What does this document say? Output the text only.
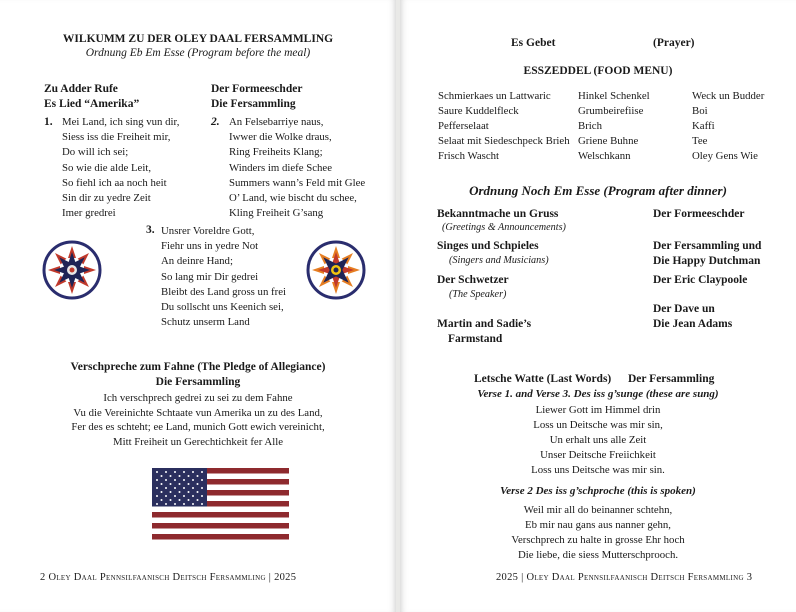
WILKUMM ZU DER OLEY DAAL FERSAMMLING
Ordnung Eb Em Esse (Program before the meal)
Zu Adder Rufe
Es Lied “Amerika”
Der Formeeschder
Die Fersammling
1. Mei Land, ich sing vun dir,
Siess iss die Freiheit mir,
Do will ich sei;
So wie die alde Leit,
So fiehl ich aa noch heit
Sin dir zu yedre Zeit
Imer gredrei
2. An Felsebarriye naus,
Iwwer die Wolke draus,
Ring Freiheits Klang;
Winders im diefe Schee
Summers wann’s Feld mit Glee
O’ Land, wie bischt du schee,
Kling Freiheit G’sang
3. Unsrer Voreldre Gott,
Fiehr uns in yedre Not
An deinre Hand;
So lang mir Dir gedrei
Bleibt des Land gross un frei
Du sollscht uns Keenich sei,
Schutz unserm Land
Verschpreche zum Fahne (The Pledge of Allegiance)
Die Fersammling
Ich verschprech gedrei zu sei zu dem Fahne
Vu die Vereinichte Schtaate vun Amerika un zu des Land,
Fer des es schteht; ee Land, munich Gott ewich vereinicht,
Mitt Freiheit un Gerechtichkeit fer Alle
2 Oley Daal Pennsilfaanisch Deitsch Fersammling | 2025
Es Gebet	(Prayer)
ESSZEDDEL (FOOD MENU)
Schmierkaes un Lattwaric
Saure Kuddelfleck
Pefferselaat
Selaat mit Siedeschpeck Brieh
Frisch Wascht
Hinkel Schenkel
Grumbeirefiise
Brich
Griene Buhne
Welschkann
Weck un Budder
Boi
Kaffi
Tee
Oley Gens Wie
Ordnung Noch Em Esse (Program after dinner)
Bekanntmache un Gruss
(Greetings & Announcements)
Der Formeeschder
Singes und Schpieles
(Singers and Musicians)
Der Fersammling und
Die Happy Dutchman
Der Schwetzer
(The Speaker)
Der Eric Claypoole
Martin and Sadie’s
Farmstand
Der Dave un
Die Jean Adams
Letsche Watte (Last Words) Der Fersammling
Verse 1. and Verse 3. Des iss g’sunge (these are sung)
Liewer Gott im Himmel drin
Loss un Deitsche was mir sin,
Un erhalt uns alle Zeit
Unser Deitsche Freiichkeit
Loss uns Deitsche was mir sin.
Verse 2 Des iss g’schproche (this is spoken)
Weil mir all do beinanner schtehn,
Eb mir nau gans aus nanner gehn,
Verschprech zu halte in grosse Ehr hoch
Die liebe, die siess Mutterschprooch.
2025 | Oley Daal Pennsilfaanisch Deitsch Fersammling 3
